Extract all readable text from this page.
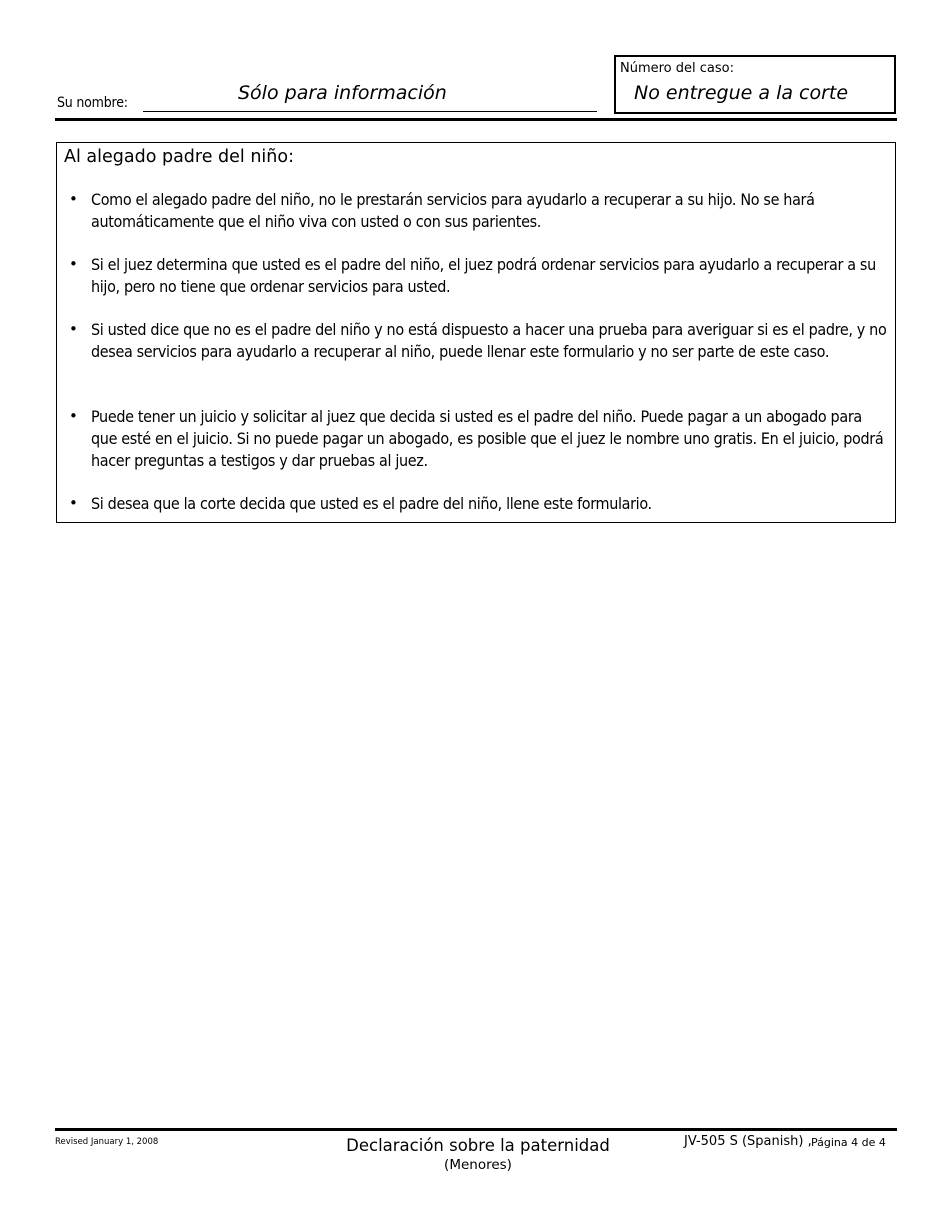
Su nombre:	Sólo para información
Número del caso:
No entregue a la corte
Al alegado padre del niño:
• Como el alegado padre del niño, no le prestarán servicios para ayudarlo a recuperar a su hijo. No se hará automáticamente que el niño viva con usted o con sus parientes.
• Si el juez determina que usted es el padre del niño, el juez podrá ordenar servicios para ayudarlo a recuperar a su hijo, pero no tiene que ordenar servicios para usted.
• Si usted dice que no es el padre del niño y no está dispuesto a hacer una prueba para averiguar si es el padre, y no desea servicios para ayudarlo a recuperar al niño, puede llenar este formulario y no ser parte de este caso.
• Puede tener un juicio y solicitar al juez que decida si usted es el padre del niño. Puede pagar a un abogado para que esté en el juicio. Si no puede pagar un abogado, es posible que el juez le nombre uno gratis. En el juicio, podrá hacer preguntas a testigos y dar pruebas al juez.
• Si desea que la corte decida que usted es el padre del niño, llene este formulario.
Revised January 1, 2008	Declaración sobre la paternidad
(Menores)
JV-505 S (Spanish) , Página 4 de 4
